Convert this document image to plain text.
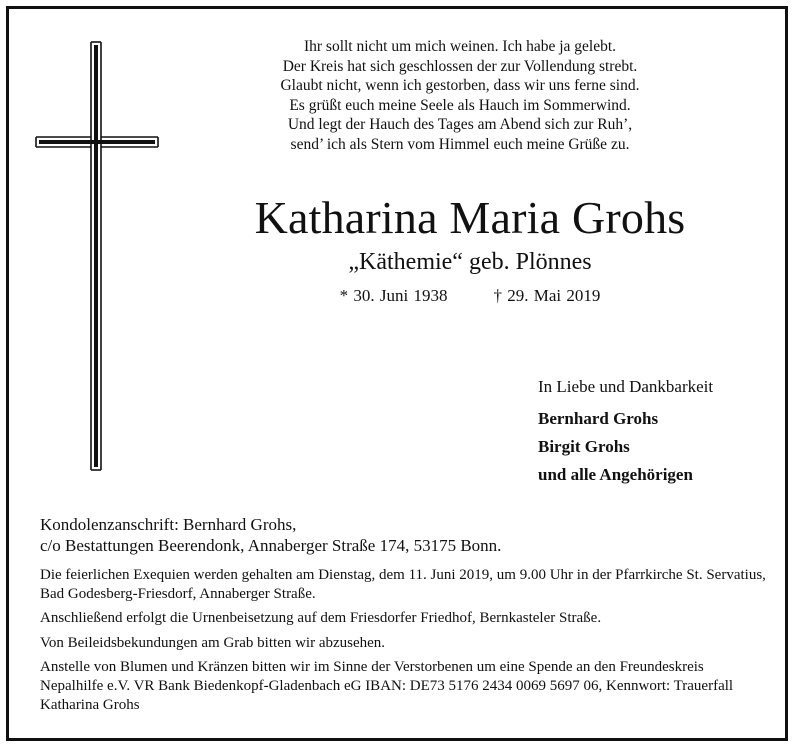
Ihr sollt nicht um mich weinen. Ich habe ja gelebt.
Der Kreis hat sich geschlossen der zur Vollendung strebt.
Glaubt nicht, wenn ich gestorben, dass wir uns ferne sind.
Es grüßt euch meine Seele als Hauch im Sommerwind.
Und legt der Hauch des Tages am Abend sich zur Ruh’,
send’ ich als Stern vom Himmel euch meine Grüße zu.
Katharina Maria Grohs
„Käthemie“ geb. Plönnes
* 30. Juni 1938	† 29. Mai 2019
In Liebe und Dankbarkeit
Bernhard Grohs
Birgit Grohs
und alle Angehörigen
Kondolenzanschrift: Bernhard Grohs,
c/o Bestattungen Beerendonk, Annaberger Straße 174, 53175 Bonn.

Die feierlichen Exequien werden gehalten am Dienstag, dem 11. Juni 2019, um 9.00 Uhr in der Pfarrkirche St. Servatius, Bad Godesberg-Friesdorf, Annaberger Straße.

Anschließend erfolgt die Urnenbeisetzung auf dem Friesdorfer Friedhof, Bernkasteler Straße.

Von Beileidsbekundungen am Grab bitten wir abzusehen.

Anstelle von Blumen und Kränzen bitten wir im Sinne der Verstorbenen um eine Spende an den Freundeskreis Nepalhilfe e.V. VR Bank Biedenkopf-Gladenbach eG IBAN: DE73 5176 2434 0069 5697 06, Kennwort: Trauerfall Katharina Grohs
